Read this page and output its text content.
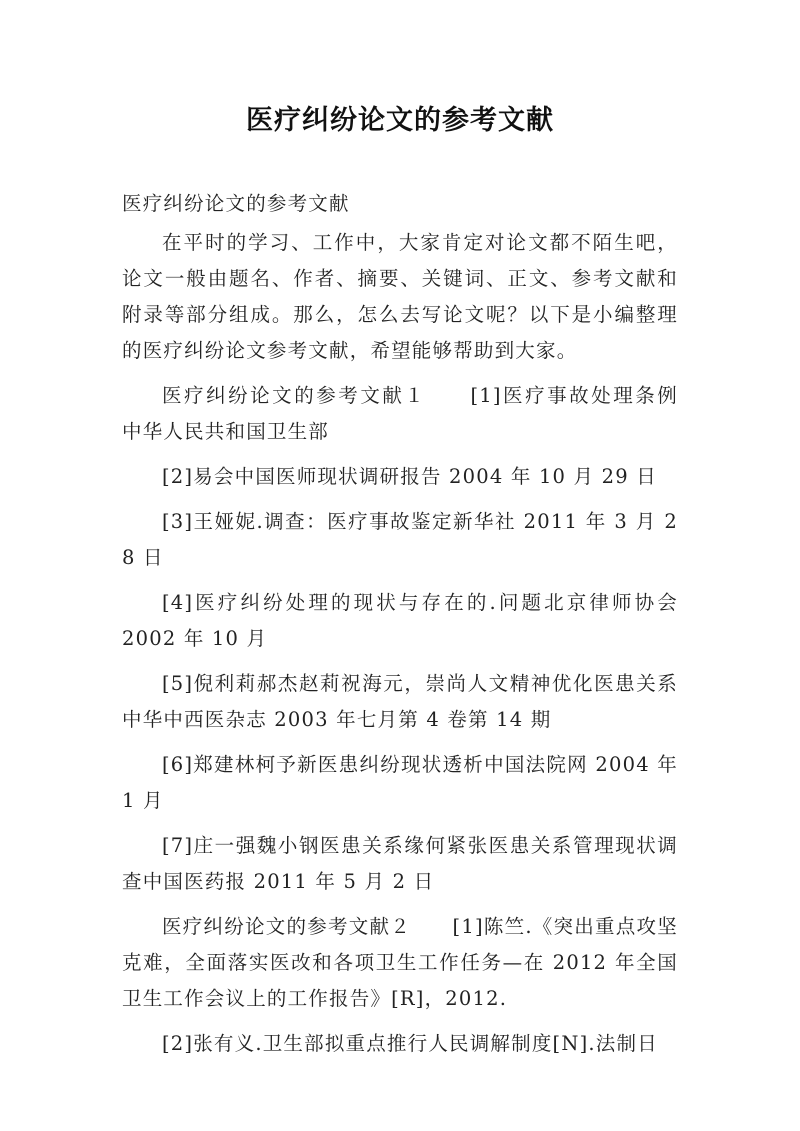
医疗纠纷论文的参考文献

医疗纠纷论文的参考文献

在平时的学习、工作中，大家肯定对论文都不陌生吧，论文一般由题名、作者、摘要、关键词、正文、参考文献和附录等部分组成。那么，怎么去写论文呢？以下是小编整理的医疗纠纷论文参考文献，希望能够帮助到大家。

医疗纠纷论文的参考文献１　　[1]医疗事故处理条例　中华人民共和国卫生部

[2]易会中国医师现状调研报告 2004 年 10 月 29 日

[3]王娅妮.调查：医疗事故鉴定新华社 2011 年 3 月 2　8 日

[4]医疗纠纷处理的现状与存在的.问题北京律师协会 2002 年 10 月

[5]倪利莉郝杰赵莉祝海元，崇尚人文精神优化医患关系中华中西医杂志 2003 年七月第 4 卷第 14 期

[6]郑建林柯予新医患纠纷现状透析中国法院网 2004 年 1 月

[7]庄一强魏小钢医患关系缘何紧张医患关系管理现状调查中国医药报 2011 年 5 月 2 日

医疗纠纷论文的参考文献２　　[1]陈竺.《突出重点攻坚克难，全面落实医改和各项卫生工作任务—在 2012 年全国卫生工作会议上的工作报告》[R]，2012.

[2]张有义.卫生部拟重点推行人民调解制度[N].法制日
